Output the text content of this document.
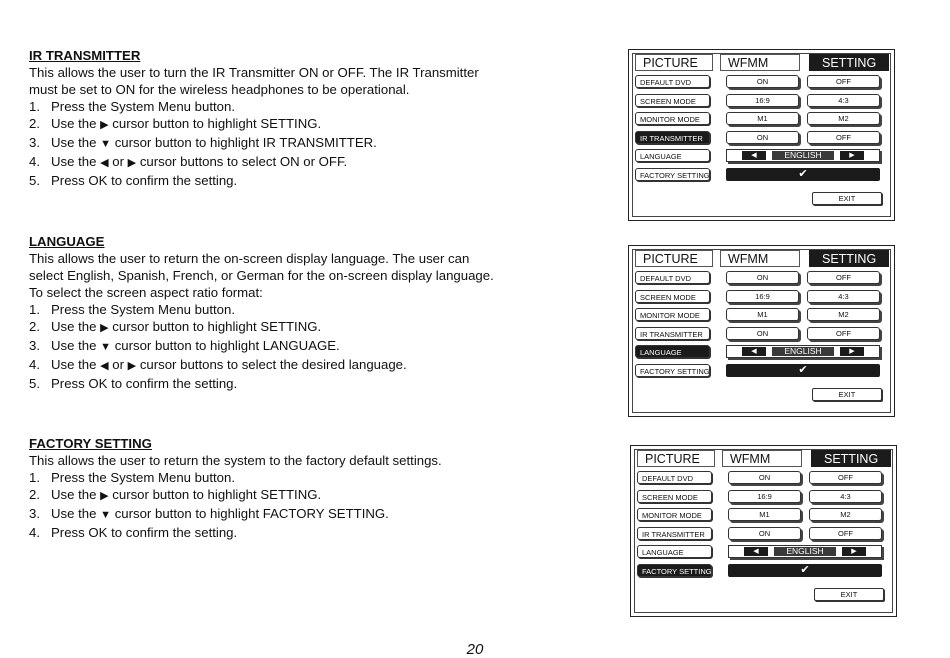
IR TRANSMITTER

This allows the user to turn the IR Transmitter ON or OFF. The IR Transmitter

must be set to ON for the wireless headphones to be operational.

1. Press the System Menu button.
2. Use the ▶ cursor button to highlight SETTING.
3. Use the ▼ cursor button to highlight IR TRANSMITTER.
4. Use the ◀ or ▶ cursor buttons to select ON or OFF.
5. Press OK to confirm the setting.
LANGUAGE

This allows the user to return the on-screen display language. The user can

select English, Spanish, French, or German for the on-screen display language.

To select the screen aspect ratio format:

1. Press the System Menu button.
2. Use the ▶ cursor button to highlight SETTING.
3. Use the ▼ cursor button to highlight LANGUAGE.
4. Use the ◀ or ▶ cursor buttons to select the desired language.
5. Press OK to confirm the setting.
FACTORY SETTING

This allows the user to return the system to the factory default settings.

1. Press the System Menu button.
2. Use the ▶ cursor button to highlight SETTING.
3. Use the ▼ cursor button to highlight FACTORY SETTING.
4. Press OK to confirm the setting.
PICTURE	WFMM	SETTING
DEFAULT DVD	ON	OFF
SCREEN MODE	16:9	4:3
MONITOR MODE	M1	M2
IR TRANSMITTER	ON	OFF
LANGUAGE	◀	ENGLISH	▶
FACTORY SETTING	✔
EXIT
PICTURE	WFMM	SETTING
DEFAULT DVD	ON	OFF
SCREEN MODE	16:9	4:3
MONITOR MODE	M1	M2
IR TRANSMITTER	ON	OFF
LANGUAGE	◀	ENGLISH	▶
FACTORY SETTING	✔
EXIT
PICTURE	WFMM	SETTING
DEFAULT DVD	ON	OFF
SCREEN MODE	16:9	4:3
MONITOR MODE	M1	M2
IR TRANSMITTER	ON	OFF
LANGUAGE	◀	ENGLISH	▶
FACTORY SETTING	✔
EXIT
20
